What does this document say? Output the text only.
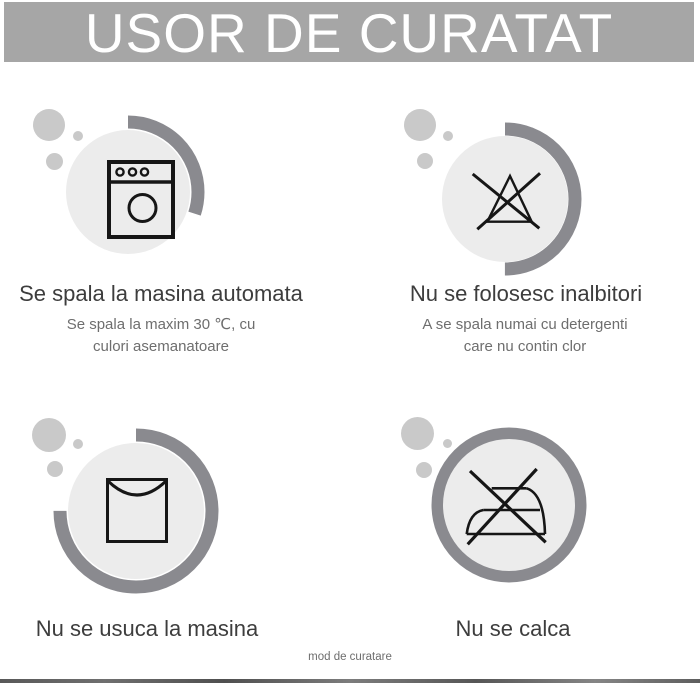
USOR DE CURATAT
Se spala la masina automata
Se spala la maxim 30 ℃, cu
culori asemanatoare
Nu se folosesc inalbitori
A se spala numai cu detergenti
care nu contin clor
Nu se usuca la masina	Nu se calca
mod de curatare
